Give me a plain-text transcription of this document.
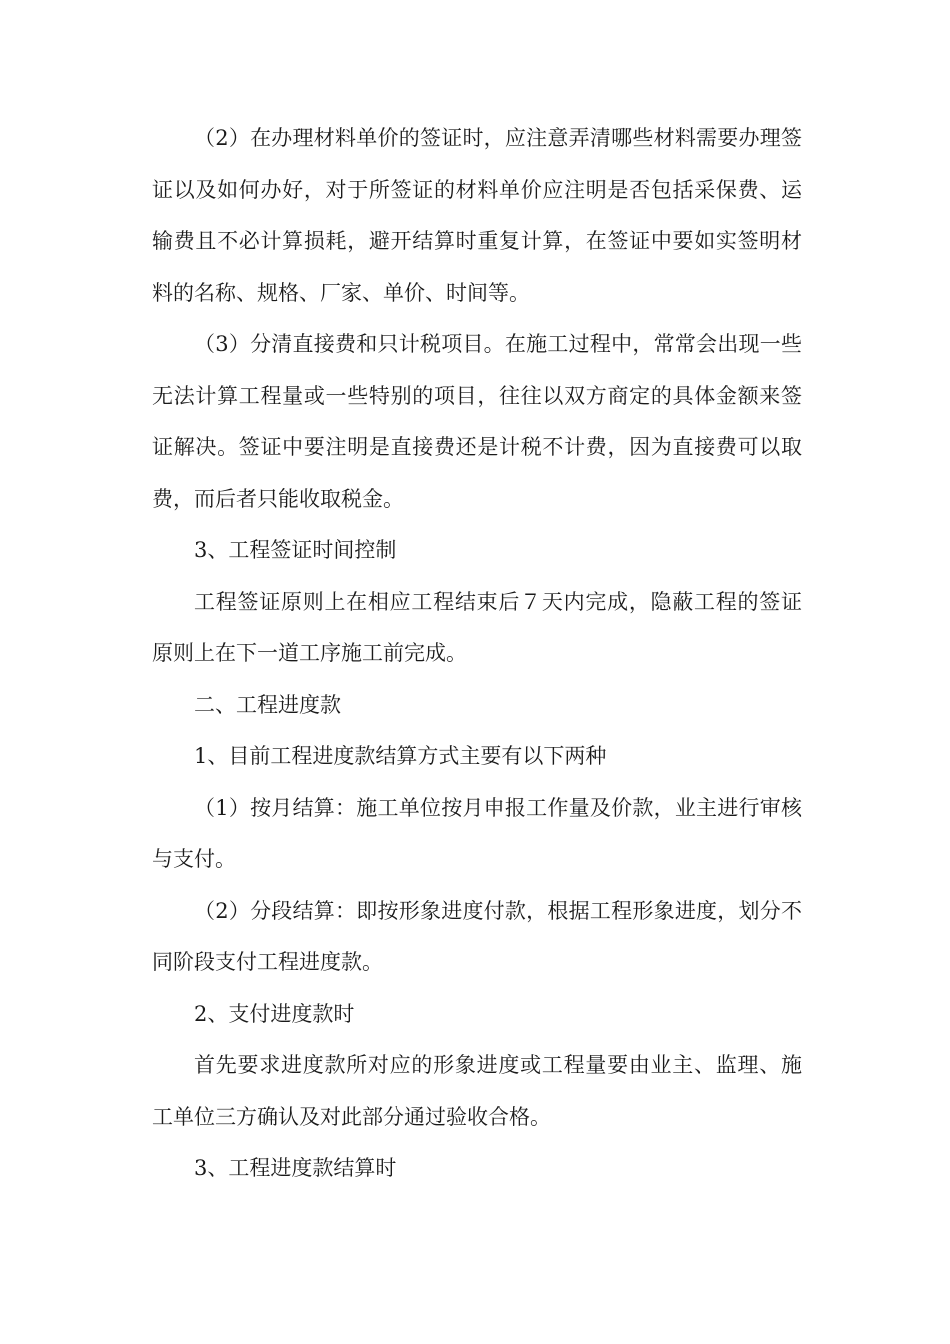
（2）在办理材料单价的签证时，应注意弄清哪些材料需要办理签证以及如何办好，对于所签证的材料单价应注明是否包括采保费、运输费且不必计算损耗，避开结算时重复计算，在签证中要如实签明材料的名称、规格、厂家、单价、时间等。

（3）分清直接费和只计税项目。在施工过程中，常常会出现一些无法计算工程量或一些特别的项目，往往以双方商定的具体金额来签证解决。签证中要注明是直接费还是计税不计费，因为直接费可以取费，而后者只能收取税金。

3、工程签证时间控制

工程签证原则上在相应工程结束后７天内完成，隐蔽工程的签证原则上在下一道工序施工前完成。

二、工程进度款

1、目前工程进度款结算方式主要有以下两种

（1）按月结算：施工单位按月申报工作量及价款，业主进行审核与支付。

（2）分段结算：即按形象进度付款，根据工程形象进度，划分不同阶段支付工程进度款。

2、支付进度款时

首先要求进度款所对应的形象进度或工程量要由业主、监理、施工单位三方确认及对此部分通过验收合格。

3、工程进度款结算时
